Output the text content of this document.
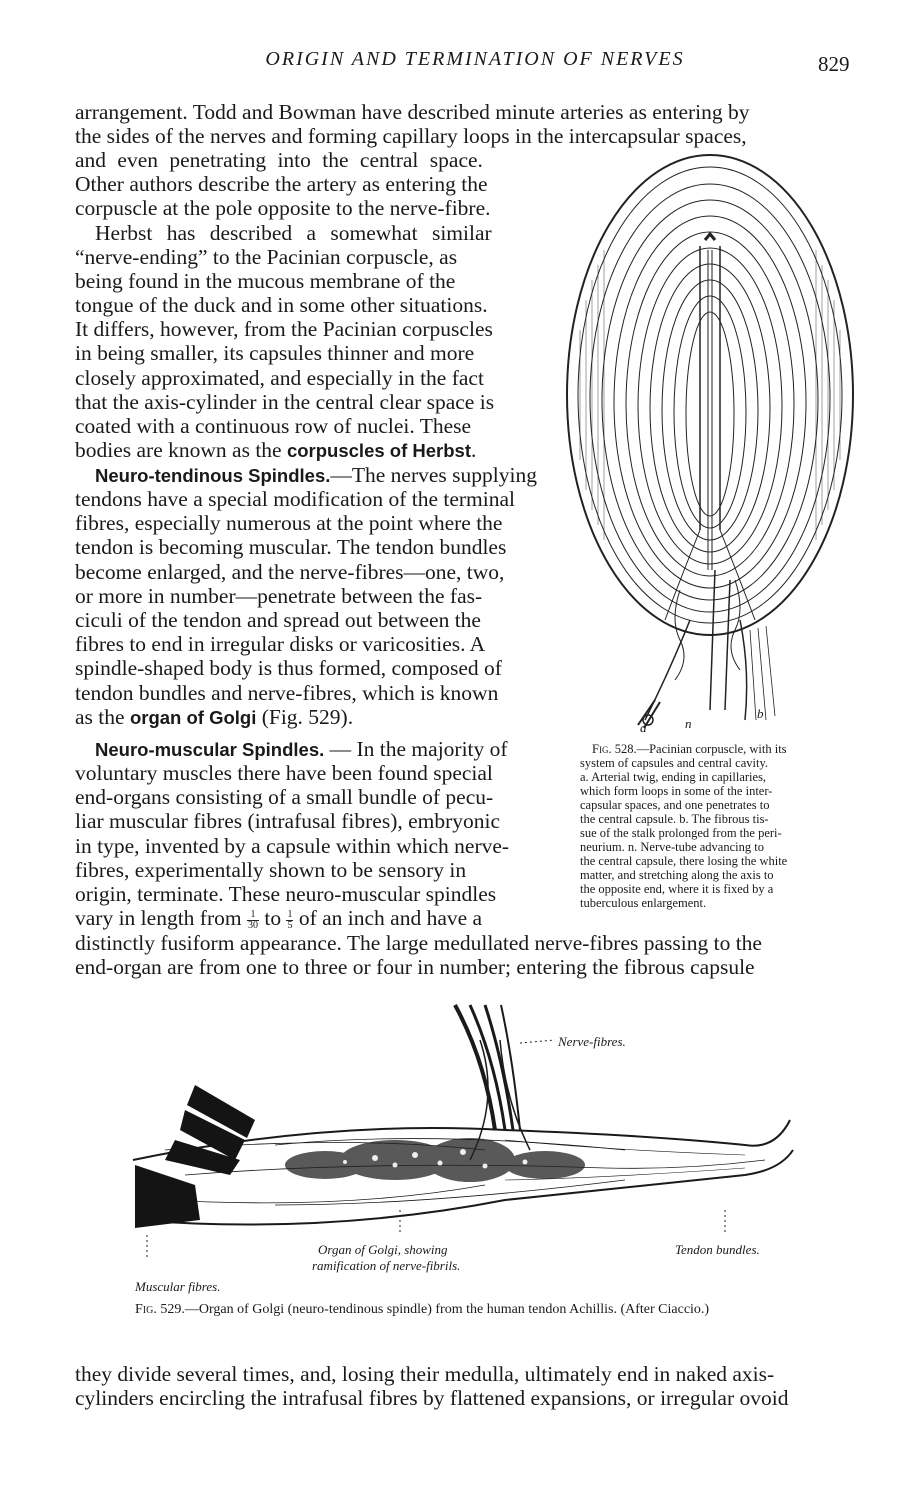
ORIGIN AND TERMINATION OF NERVES	829
arrangement. Todd and Bowman have described minute arteries as entering by
the sides of the nerves and forming capillary loops in the intercapsular spaces,
and even penetrating into the central space.
Other authors describe the artery as entering the
corpuscle at the pole opposite to the nerve-fibre.
Herbst has described a somewhat similar
“nerve-ending” to the Pacinian corpuscle, as
being found in the mucous membrane of the
tongue of the duck and in some other situations.
It differs, however, from the Pacinian corpuscles
in being smaller, its capsules thinner and more
closely approximated, and especially in the fact
that the axis-cylinder in the central clear space is
coated with a continuous row of nuclei. These
bodies are known as the corpuscles of Herbst.
Neuro-tendinous Spindles.—The nerves supplying
tendons have a special modification of the terminal
fibres, especially numerous at the point where the
tendon is becoming muscular. The tendon bundles
become enlarged, and the nerve-fibres—one, two,
or more in number—penetrate between the fas-
ciculi of the tendon and spread out between the
fibres to end in irregular disks or varicosities. A
spindle-shaped body is thus formed, composed of
tendon bundles and nerve-fibres, which is known
as the organ of Golgi (Fig. 529).
Neuro-muscular Spindles. — In the majority of
voluntary muscles there have been found special
end-organs consisting of a small bundle of pecu-
liar muscular fibres (intrafusal fibres), embryonic
in type, invented by a capsule within which nerve-
fibres, experimentally shown to be sensory in
origin, terminate. These neuro-muscular spindles
vary in length from $\frac{1}{30}$ to $\frac{1}{5}$ of an inch and have a
distinctly fusiform appearance. The large medullated nerve-fibres passing to the
end-organ are from one to three or four in number; entering the fibrous capsule
a	n
b
Fig. 528.—Pacinian corpuscle, with its
system of capsules and central cavity.
a. Arterial twig, ending in capillaries,
which form loops in some of the inter-
capsular spaces, and one penetrates to
the central capsule. b. The fibrous tis-
sue of the stalk prolonged from the peri-
neurium. n. Nerve-tube advancing to
the central capsule, there losing the white
matter, and stretching along the axis to
the opposite end, where it is fixed by a
tuberculous enlargement.
Nerve-fibres.
Organ of Golgi, showing
ramification of nerve-fibrils.
Tendon bundles.
Muscular fibres.
Fig. 529.—Organ of Golgi (neuro-tendinous spindle) from the human tendon Achillis. (After Ciaccio.)
they divide several times, and, losing their medulla, ultimately end in naked axis-
cylinders encircling the intrafusal fibres by flattened expansions, or irregular ovoid
